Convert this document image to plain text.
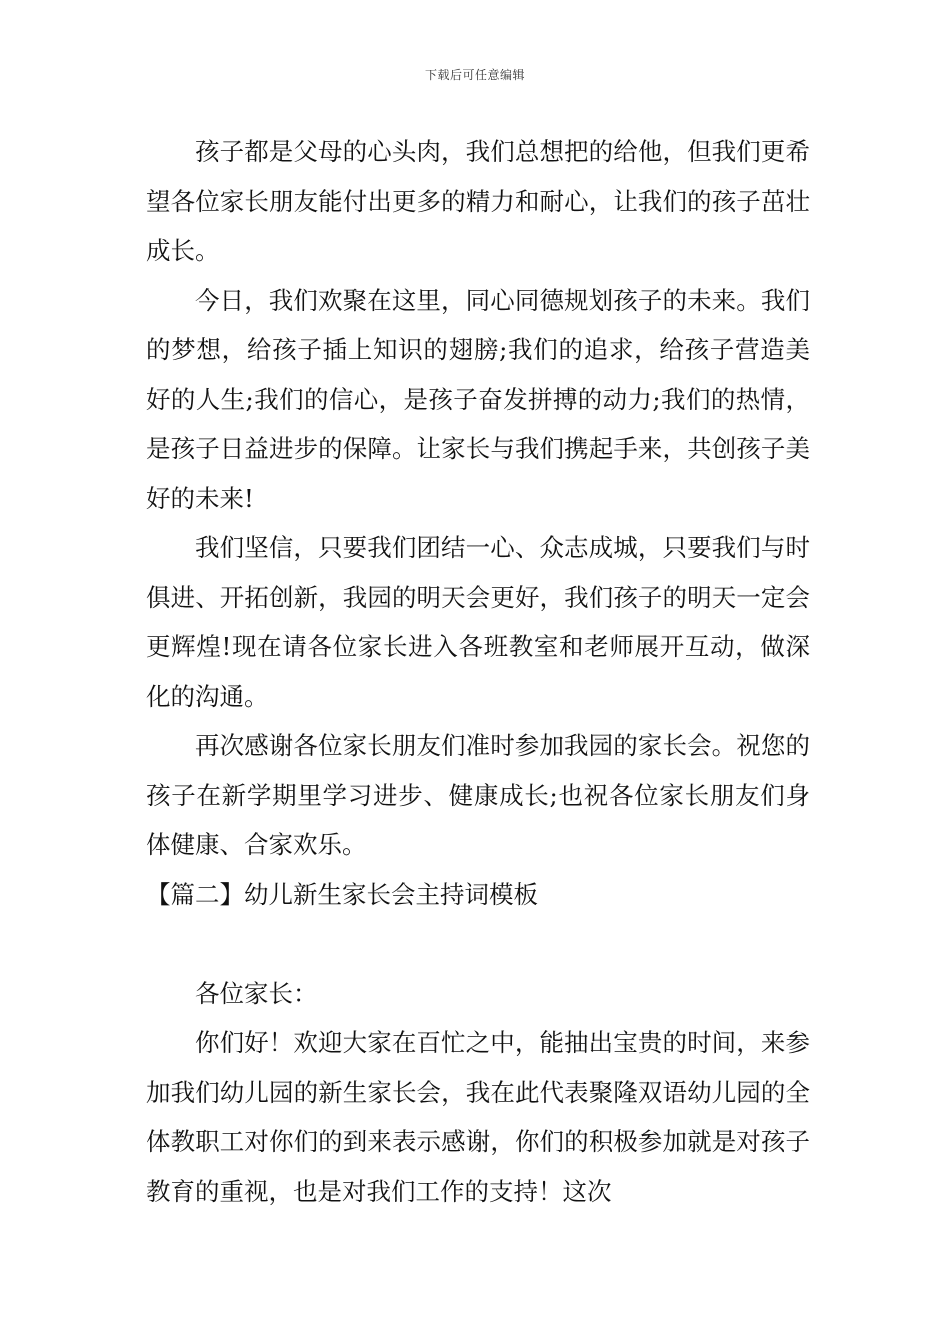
下载后可任意编辑

孩子都是父母的心头肉，我们总想把的给他，但我们更希望各位家长朋友能付出更多的精力和耐心，让我们的孩子茁壮成长。

今日，我们欢聚在这里，同心同德规划孩子的未来。我们的梦想，给孩子插上知识的翅膀;我们的追求，给孩子营造美好的人生;我们的信心，是孩子奋发拼搏的动力;我们的热情，是孩子日益进步的保障。让家长与我们携起手来，共创孩子美好的未来!

我们坚信，只要我们团结一心、众志成城，只要我们与时俱进、开拓创新，我园的明天会更好，我们孩子的明天一定会更辉煌!现在请各位家长进入各班教室和老师展开互动，做深化的沟通。

再次感谢各位家长朋友们准时参加我园的家长会。祝您的孩子在新学期里学习进步、健康成长;也祝各位家长朋友们身体健康、合家欢乐。

【篇二】幼儿新生家长会主持词模板

各位家长：

你们好！欢迎大家在百忙之中，能抽出宝贵的时间，来参加我们幼儿园的新生家长会，我在此代表聚隆双语幼儿园的全体教职工对你们的到来表示感谢，你们的积极参加就是对孩子教育的重视，也是对我们工作的支持！这次
